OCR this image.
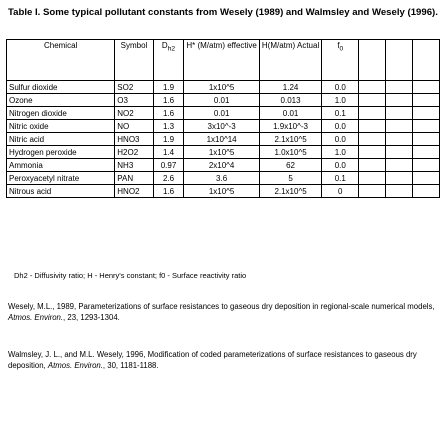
Table I. Some typical pollutant constants from Wesely (1989) and Walmsley and Wesely (1996).
Chemical	Symbol	$D_{h2}$	H* (M/atm) effective	H(M/atm) Actual	$f_0$			
Sulfur dioxide	SO2	1.9	1x10^5	1.24	0.0			
Ozone	O3	1.6	0.01	0.013	1.0			
Nitrogen dioxide	NO2	1.6	0.01	0.01	0.1			
Nitric oxide	NO	1.3	3x10^-3	1.9x10^-3	0.0			
Nitric acid	HNO3	1.9	1x10^14	2.1x10^5	0.0			
Hydrogen peroxide	H2O2	1.4	1x10^5	1.0x10^5	1.0			
Ammonia	NH3	0.97	2x10^4	62	0.0			
Peroxyacetyl nitrate	PAN	2.6	3.6	5	0.1			
Nitrous acid	HNO2	1.6	1x10^5	2.1x10^5	0			
Dh2 - Diffusivity ratio; H - Henry's constant; f0 - Surface reactivity ratio
Wesely, M.L., 1989, Parameterizations of surface resistances to gaseous dry deposition in regional-scale numerical models, Atmos. Environ., 23, 1293-1304.
Walmsley, J. L., and M.L. Wesely, 1996, Modification of coded parameterizations of surface resistances to gaseous dry deposition, Atmos. Environ., 30, 1181-1188.
